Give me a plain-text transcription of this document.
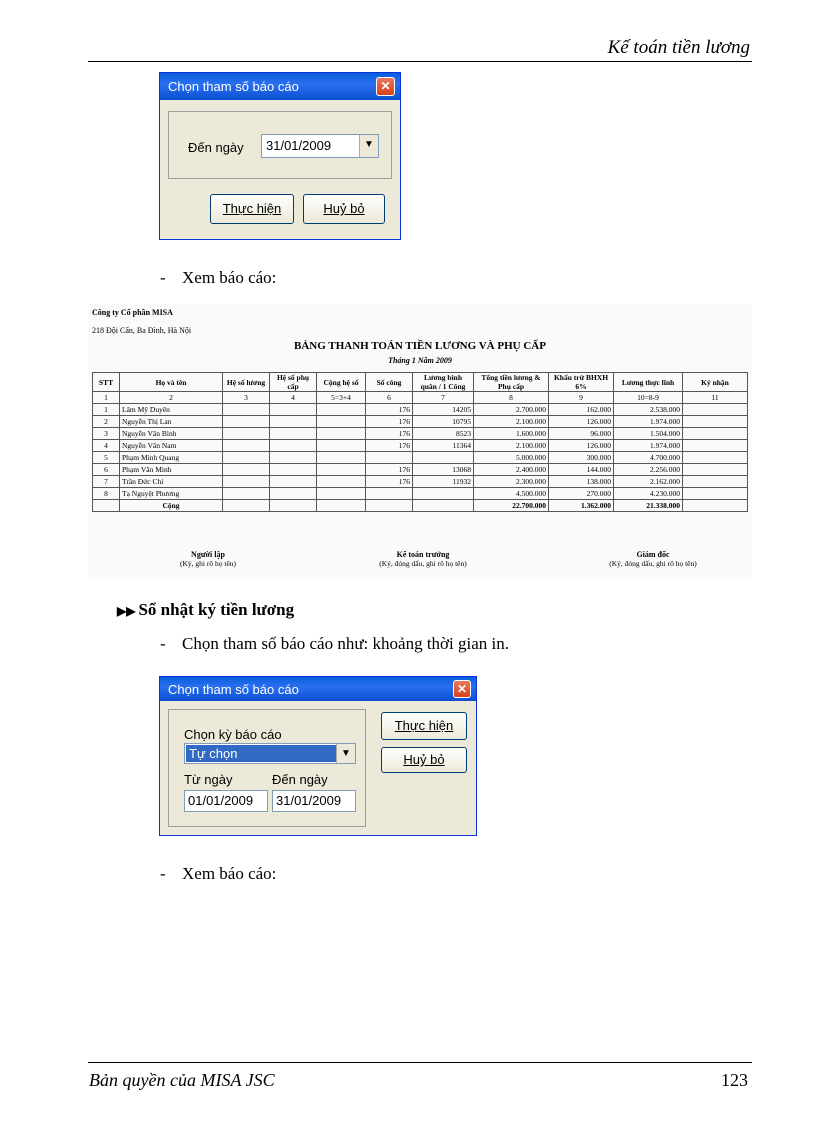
Kế toán tiền lương
Chọn tham số báo cáo	✕
Đến ngày 31/01/2009	▼
Thực hiện	Huỷ bỏ
- Xem báo cáo:
Công ty Cổ phần MISA
218 Đội Cấn, Ba Đình, Hà Nội
BẢNG THANH TOÁN TIỀN LƯƠNG VÀ PHỤ CẤP
Tháng 1 Năm 2009
STT	Họ và tên	Hệ số lương	Hệ số phụ cấp	Cộng hệ số	Số công	Lương bình quân / 1 Công	Tổng tiền lương & Phụ cấp	Khấu trừ BHXH 6%	Lương thực lĩnh	Ký nhận
1	2	3	4	5=3+4	6	7	8	9	10=8-9	11
1	Lâm Mỹ Duyên				176	14205	2.700.000	162.000	2.538.000	
2	Nguyễn Thị Lan				176	10795	2.100.000	126.000	1.974.000	
3	Nguyễn Văn Bình				176	8523	1.600.000	96.000	1.504.000	
4	Nguyễn Văn Nam				176	11364	2.100.000	126.000	1.974.000	
5	Phạm Minh Quang						5.000.000	300.000	4.700.000	
6	Phạm Văn Minh				176	13068	2.400.000	144.000	2.256.000	
7	Trần Đức Chí				176	11932	2.300.000	138.000	2.162.000	
8	Tạ Nguyệt Phương						4.500.000	270.000	4.230.000	
	Cộng						22.700.000	1.362.000	21.338.000	
Người lập
(Ký, ghi rõ họ tên)
Kế toán trưởng
(Ký, đóng dấu, ghi rõ họ tên)
Giám đốc
(Ký, đóng dấu, ghi rõ họ tên)
▶▶ Sổ nhật ký tiền lương
- Chọn tham số báo cáo như: khoảng thời gian in.
Chọn tham số báo cáo	✕
Chọn kỳ báo cáo
Tự chọn	▼
Từ ngày	Đến ngày
01/01/2009	31/01/2009
Thực hiện
Huỷ bỏ
- Xem báo cáo:
Bản quyền của MISA JSC	123
